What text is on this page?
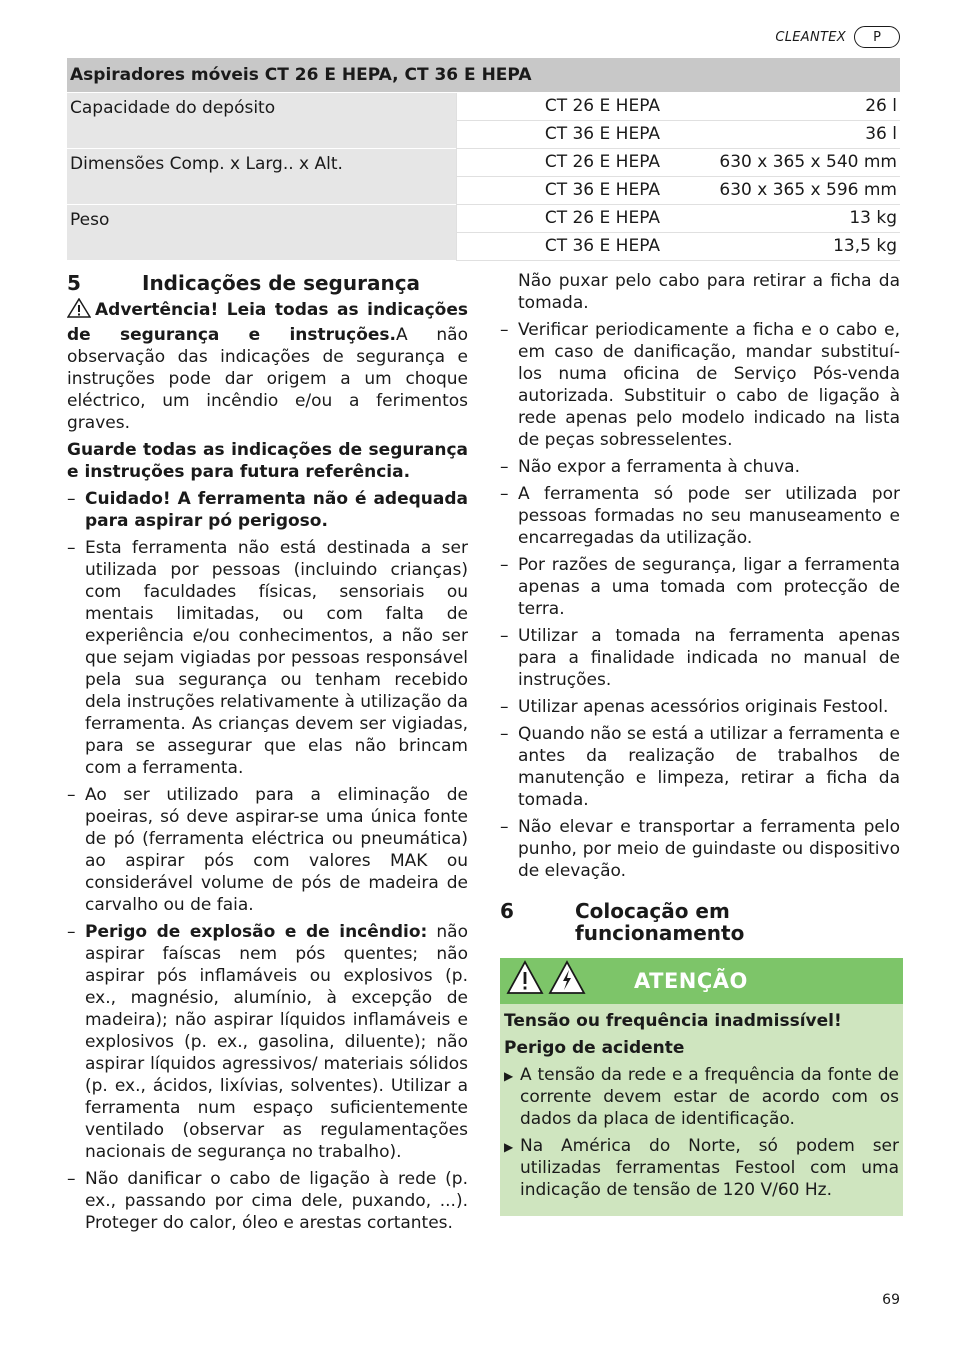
CLEANTEX	P
Aspiradores móveis CT 26 E HEPA, CT 36 E HEPA		
Capacidade do depósito	CT 26 E HEPA	26 l
	CT 36 E HEPA	36 l
Dimensões Comp. x Larg.. x Alt.	CT 26 E HEPA	630 x 365 x 540 mm
	CT 36 E HEPA	630 x 365 x 596 mm
Peso	CT 26 E HEPA	13 kg
	CT 36 E HEPA	13,5 kg
5	Indicações de segurança

Advertência! Leia todas as indicações de segurança e instruções.A não observação das indicações de segurança e instruções pode dar origem a um choque eléctrico, um incêndio e/ou a ferimentos graves.

Guarde todas as indicações de segurança e instruções para futura referência.

– Cuidado! A ferramenta não é adequada para aspirar pó perigoso.
– Esta ferramenta não está destinada a ser utilizada por pessoas (incluindo crianças) com faculdades físicas, sensoriais ou mentais limitadas, ou com falta de experiência e/ou conhecimentos, a não ser que sejam vigiadas por pessoas responsável pela sua segurança ou tenham recebido dela instruções relativamente à utilização da ferramenta. As crianças devem ser vigiadas, para se assegurar que elas não brincam com a ferramenta.
– Ao ser utilizado para a eliminação de poeiras, só deve aspirar-se uma única fonte de pó (ferramenta eléctrica ou pneumática) ao aspirar pós com valores MAK ou considerável volume de pós de madeira de carvalho ou de faia.
– Perigo de explosão e de incêndio: não aspirar faíscas nem pós quentes; não aspirar pós inflamáveis ou explosivos (p. ex., magnésio, alumínio, à excepção de madeira); não aspirar líquidos inflamáveis e explosivos (p. ex., gasolina, diluente); não aspirar líquidos agressivos/ materiais sólidos (p. ex., ácidos, lixívias, solventes). Utilizar a ferramenta num espaço suficientemente ventilado (observar as regulamentações nacionais de segurança no trabalho).
– Não danificar o cabo de ligação à rede (p. ex., passando por cima dele, puxando, ...). Proteger do calor, óleo e arestas cortantes.
Não puxar pelo cabo para retirar a ficha da tomada.
– Verificar periodicamente a ficha e o cabo e, em caso de danificação, mandar substituí-los numa oficina de Serviço Pós-venda autorizada. Substituir o cabo de ligação à rede apenas pelo modelo indicado na lista de peças sobresselentes.
– Não expor a ferramenta à chuva.
– A ferramenta só pode ser utilizada por pessoas formadas no seu manuseamento e encarregadas da utilização.
– Por razões de segurança, ligar a ferramenta apenas a uma tomada com protecção de terra.
– Utilizar a tomada na ferramenta apenas para a finalidade indicada no manual de instruções.
– Utilizar apenas acessórios originais Festool.
– Quando não se está a utilizar a ferramenta e antes da realização de trabalhos de manutenção e limpeza, retirar a ficha da tomada.
– Não elevar e transportar a ferramenta pelo punho, por meio de guindaste ou dispositivo de elevação.
6	Colocação em funcionamento
ATENÇÃO

Tensão ou frequência inadmissível!

Perigo de acidente

▶ A tensão da rede e a frequência da fonte de corrente devem estar de acordo com os dados da placa de identificação.
▶ Na América do Norte, só podem ser utilizadas ferramentas Festool com uma indicação de tensão de 120 V/60 Hz.
69
